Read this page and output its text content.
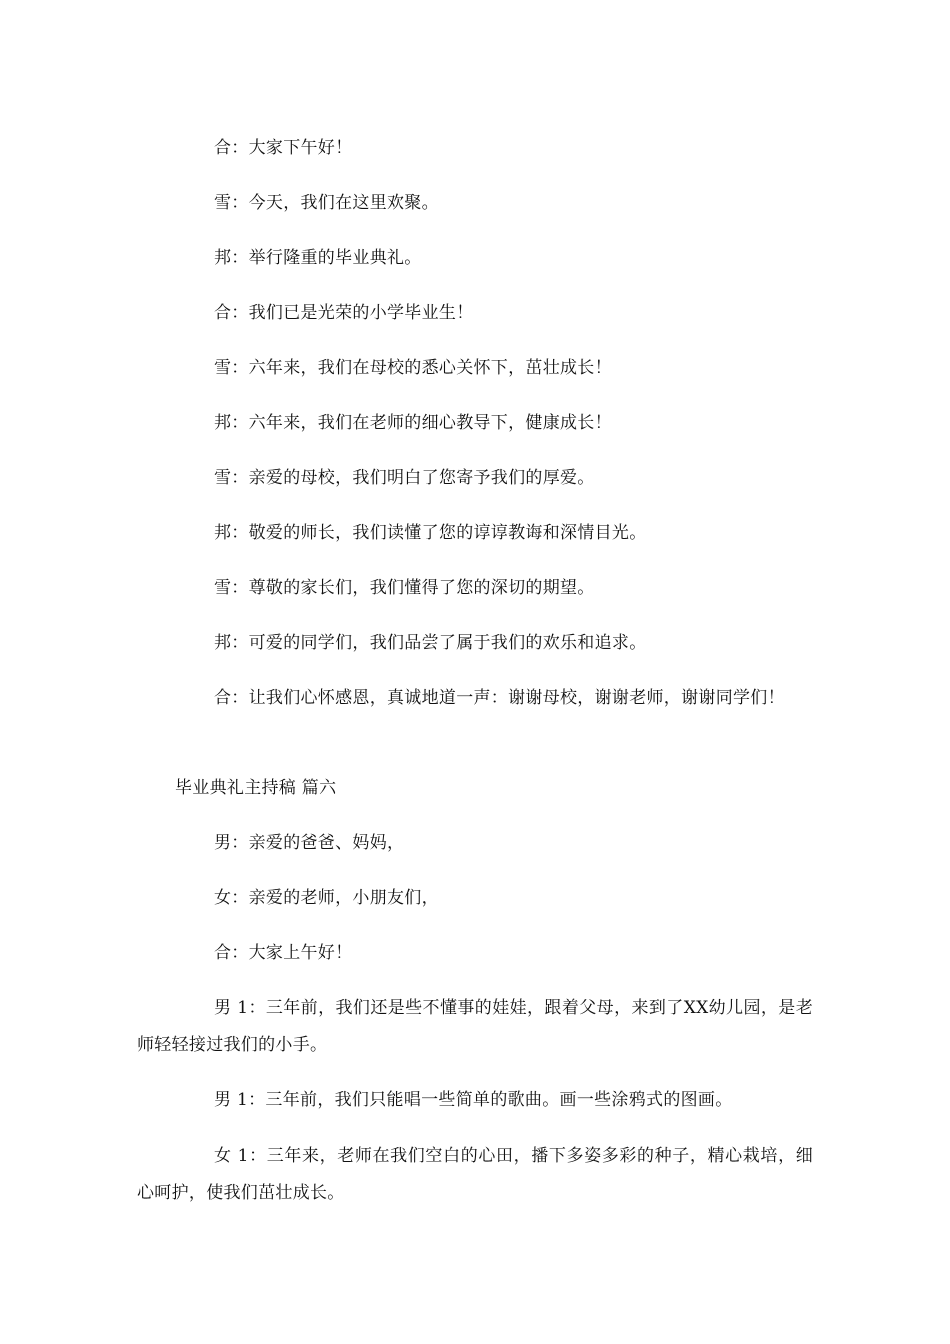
合：大家下午好！
雪：今天，我们在这里欢聚。
邦：举行隆重的毕业典礼。
合：我们已是光荣的小学毕业生！
雪：六年来，我们在母校的悉心关怀下，茁壮成长！
邦：六年来，我们在老师的细心教导下，健康成长！
雪：亲爱的母校，我们明白了您寄予我们的厚爱。
邦：敬爱的师长，我们读懂了您的谆谆教诲和深情目光。
雪：尊敬的家长们，我们懂得了您的深切的期望。
邦：可爱的同学们，我们品尝了属于我们的欢乐和追求。
合：让我们心怀感恩，真诚地道一声：谢谢母校，谢谢老师，谢谢同学们！
毕业典礼主持稿 篇六
男：亲爱的爸爸、妈妈，
女：亲爱的老师，小朋友们，
合：大家上午好！
男 1：三年前，我们还是些不懂事的娃娃，跟着父母，来到了XX幼儿园，是老师轻轻接过我们的小手。
男 1：三年前，我们只能唱一些简单的歌曲。画一些涂鸦式的图画。
女 1：三年来，老师在我们空白的心田，播下多姿多彩的种子，精心栽培，细心呵护，使我们茁壮成长。
